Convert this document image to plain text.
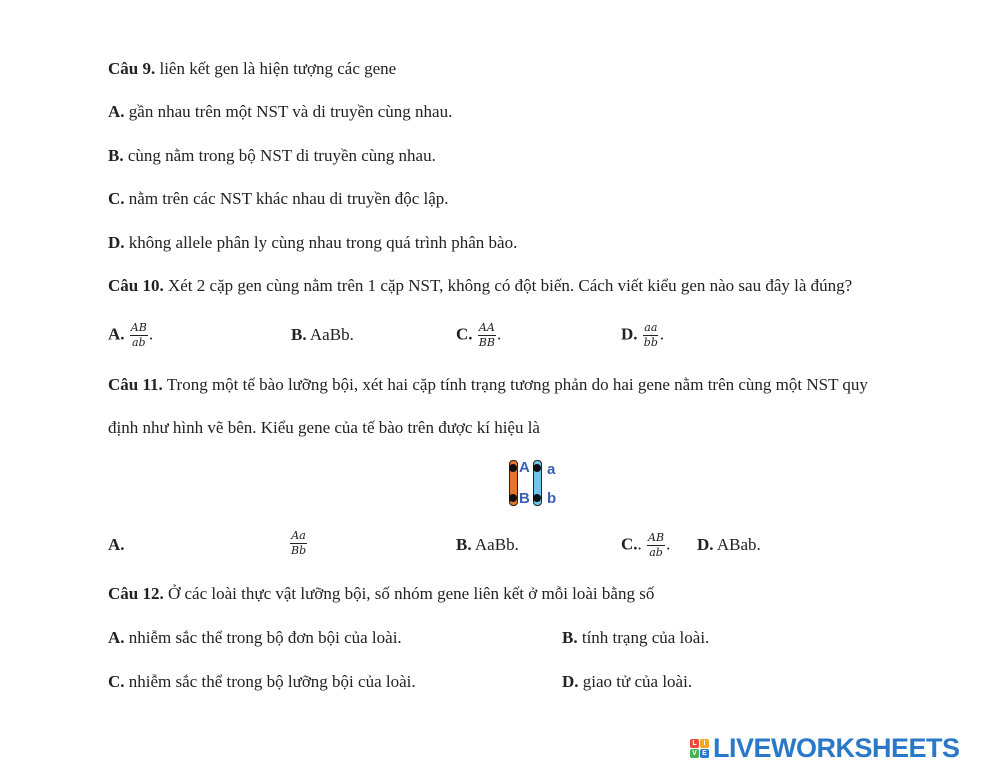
Câu 9. liên kết gen là hiện tượng các gene
A. gần nhau trên một NST và di truyền cùng nhau.
B. cùng nằm trong bộ NST di truyền cùng nhau.
C. nằm trên các NST khác nhau di truyền độc lập.
D. không allele phân ly cùng nhau trong quá trình phân bào.
Câu 10. Xét 2 cặp gen cùng nằm trên 1 cặp NST, không có đột biến. Cách viết kiểu gen nào sau đây là đúng?
A. $\frac{AB}{ab}$ .	B. AaBb.	C. $\frac{AA}{BB}$ .	D. $\frac{aa}{bb}$ .
Câu 11. Trong một tế bào lưỡng bội, xét hai cặp tính trạng tương phản do hai gene nằm trên cùng một NST quy
định như hình vẽ bên. Kiểu gene của tế bào trên được kí hiệu là
A a
B b
A.	$\frac{Aa}{Bb}$	B. AaBb.	C.. $\frac{AB}{ab}$ . D. ABab.
Câu 12. Ở các loài thực vật lưỡng bội, số nhóm gene liên kết ở mỗi loài bằng số
A. nhiễm sắc thể trong bộ đơn bội của loài.	B. tính trạng của loài.
C. nhiễm sắc thể trong bộ lưỡng bội của loài.	D. giao tử của loài.
L I
V E LIVEWORKSHEETS
